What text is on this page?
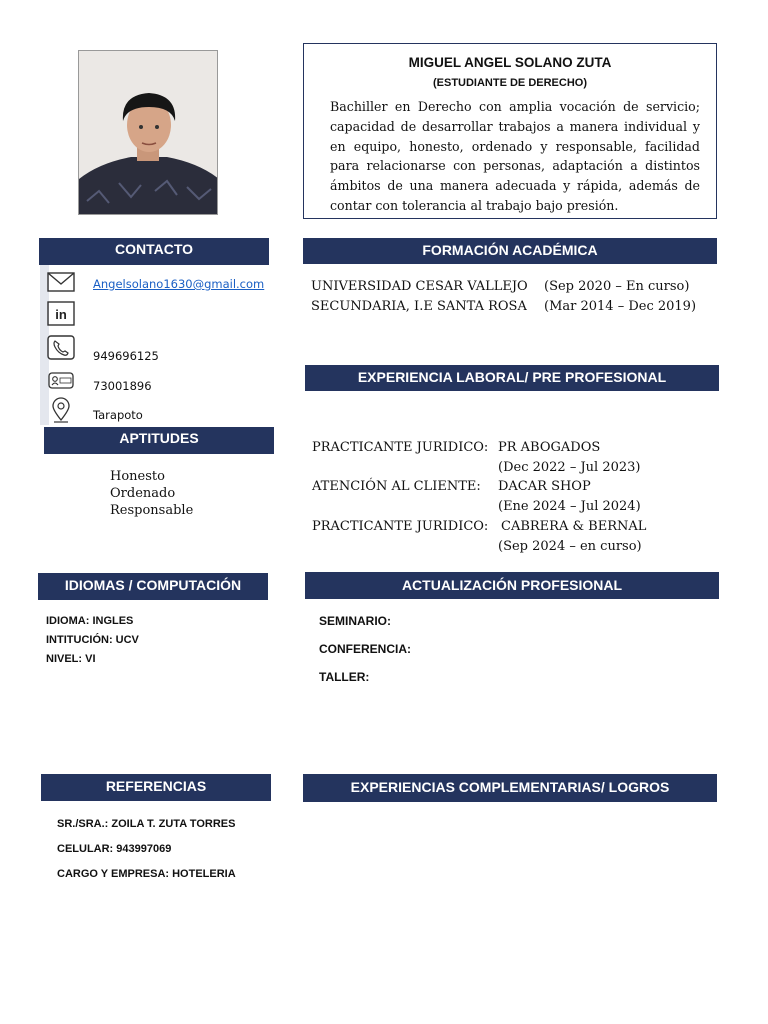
MIGUEL ANGEL SOLANO ZUTA
(ESTUDIANTE DE DERECHO)
Bachiller en Derecho con amplia vocación de servicio; capacidad de desarrollar trabajos a manera individual y en equipo, honesto, ordenado y responsable, facilidad para relacionarse con personas, adaptación a distintos ámbitos de una manera adecuada y rápida, además de contar con tolerancia al trabajo bajo presión.
CONTACTO
Angelsolano1630@gmail.com
in
949696125
73001896
Tarapoto
FORMACIÓN ACADÉMICA
UNIVERSIDAD CESAR VALLEJO (Sep 2020 – En curso)
SECUNDARIA, I.E SANTA ROSA (Mar 2014 – Dec 2019)
EXPERIENCIA LABORAL/ PRE PROFESIONAL
PRACTICANTE JURIDICO: PR ABOGADOS
(Dec 2022 – Jul 2023)
ATENCIÓN AL CLIENTE: DACAR SHOP
(Ene 2024 – Jul 2024)
PRACTICANTE JURIDICO: CABRERA & BERNAL
(Sep 2024 – en curso)
APTITUDES
Honesto
Ordenado
Responsable
IDIOMAS / COMPUTACIÓN
IDIOMA: INGLES
INTITUCIÓN: UCV
NIVEL: VI
ACTUALIZACIÓN PROFESIONAL
SEMINARIO:
CONFERENCIA:
TALLER:
REFERENCIAS
SR./SRA.: ZOILA T. ZUTA TORRES
CELULAR: 943997069
CARGO Y EMPRESA: HOTELERIA
EXPERIENCIAS COMPLEMENTARIAS/ LOGROS
